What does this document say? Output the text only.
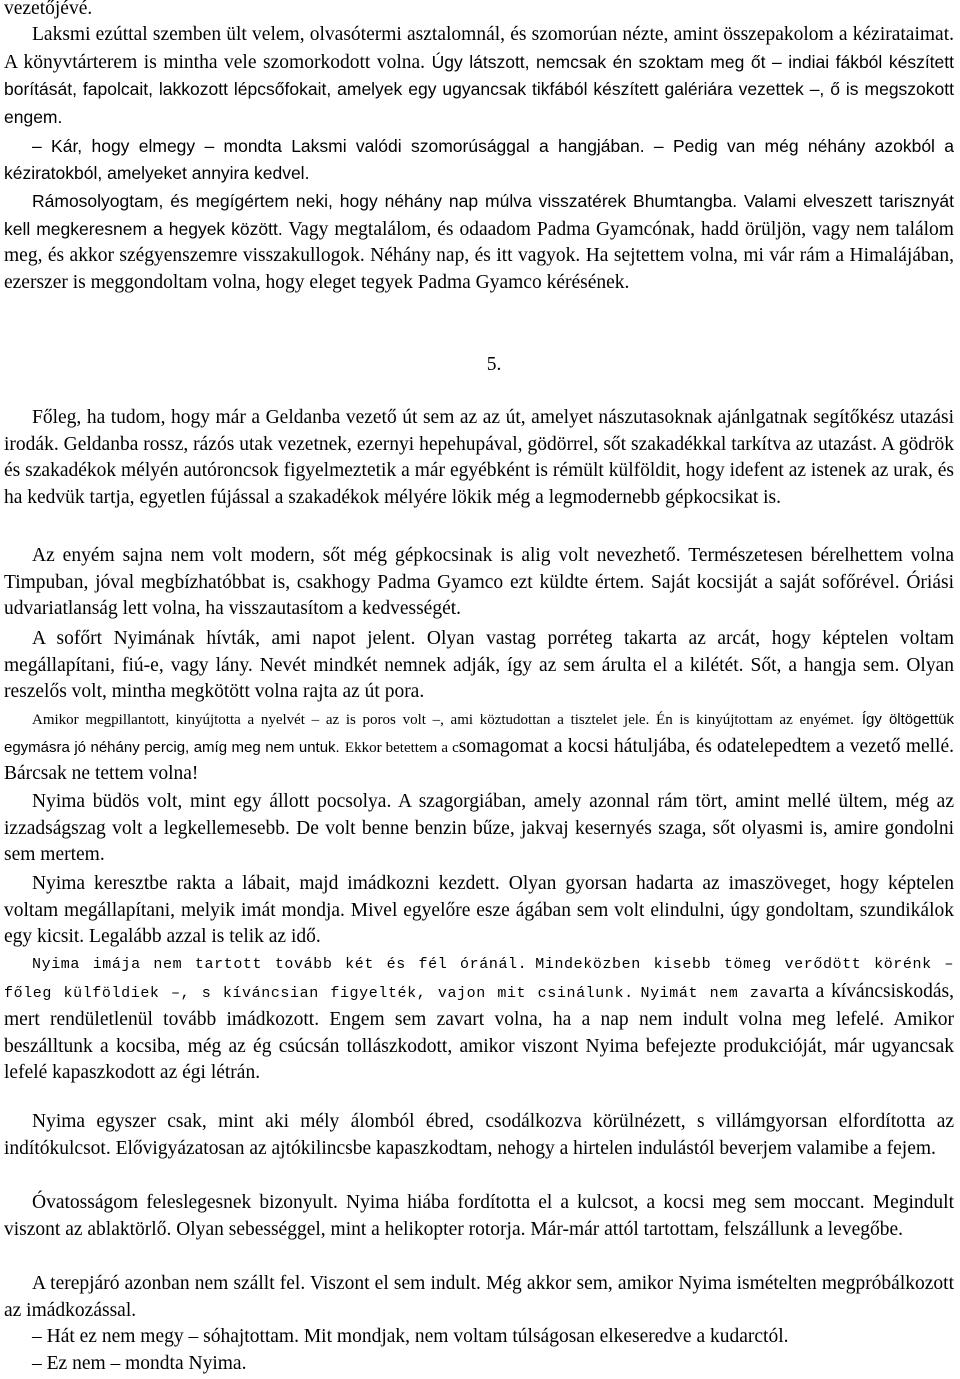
vezetőjévé.

Laksmi ezúttal szemben ült velem, olvasótermi asztalomnál, és szomorúan nézte, amint összepakolom a kézirataimat. A könyvtárterem is mintha vele szomorkodott volna. Úgy látszott, nemcsak én szoktam meg őt – indiai fákból készített borítását, fapolcait, lakkozott lépcsőfokait, amelyek egy ugyancsak tikfából készített galériára vezettek –, ő is megszokott engem.

– Kár, hogy elmegy – mondta Laksmi valódi szomorúsággal a hangjában. – Pedig van még néhány azokból a kéziratokból, amelyeket annyira kedvel.

Rámosolyogtam, és megígértem neki, hogy néhány nap múlva visszatérek Bhumtangba. Valami elveszett tarisznyát kell megkeresnem a hegyek között. Vagy megtalálom, és odaadom Padma Gyamcónak, hadd örüljön, vagy nem találom meg, és akkor szégyenszemre visszakullogok. Néhány nap, és itt vagyok. Ha sejtettem volna, mi vár rám a Himalájában, ezerszer is meggondoltam volna, hogy eleget tegyek Padma Gyamco kérésének.

5.

Főleg, ha tudom, hogy már a Geldanba vezető út sem az az út, amelyet nászutasoknak ajánlgatnak segítőkész utazási irodák. Geldanba rossz, rázós utak vezetnek, ezernyi hepehupával, gödörrel, sőt szakadékkal tarkítva az utazást. A gödrök és szakadékok mélyén autóroncsok figyelmeztetik a már egyébként is rémült külföldit, hogy idefent az istenek az urak, és ha kedvük tartja, egyetlen fújással a szakadékok mélyére lökik még a legmodernebb gépkocsikat is.

Az enyém sajna nem volt modern, sőt még gépkocsinak is alig volt nevezhető. Természetesen bérelhettem volna Timpuban, jóval megbízhatóbbat is, csakhogy Padma Gyamco ezt küldte értem. Saját kocsiját a saját sofőrével. Óriási udvariatlanság lett volna, ha visszautasítom a kedvességét.

A sofőrt Nyimának hívták, ami napot jelent. Olyan vastag porréteg takarta az arcát, hogy képtelen voltam megállapítani, fiú-e, vagy lány. Nevét mindkét nemnek adják, így az sem árulta el a kilétét. Sőt, a hangja sem. Olyan reszelős volt, mintha megkötött volna rajta az út pora.

Amikor megpillantott, kinyújtotta a nyelvét – az is poros volt –, ami köztudottan a tisztelet jele. Én is kinyújtottam az enyémet. Így öltögettük egymásra jó néhány percig, amíg meg nem untuk. Ekkor betettem a csomagomat a kocsi hátuljába, és odatelepedtem a vezető mellé. Bárcsak ne tettem volna!

Nyima büdös volt, mint egy állott pocsolya. A szagorgiában, amely azonnal rám tört, amint mellé ültem, még az izzadságszag volt a legkellemesebb. De volt benne benzin bűze, jakvaj kesernyés szaga, sőt olyasmi is, amire gondolni sem mertem.

Nyima keresztbe rakta a lábait, majd imádkozni kezdett. Olyan gyorsan hadarta az imaszöveget, hogy képtelen voltam megállapítani, melyik imát mondja. Mivel egyelőre esze ágában sem volt elindulni, úgy gondoltam, szundikálok egy kicsit. Legalább azzal is telik az idő.

Nyima imája nem tartott tovább két és fél óránál. Mindeközben kisebb tömeg verődött körénk – főleg külföldiek –, s kíváncsian figyelték, vajon mit csinálunk. Nyimát nem zavarta a kíváncsiskodás, mert rendületlenül tovább imádkozott. Engem sem zavart volna, ha a nap nem indult volna meg lefelé. Amikor beszálltunk a kocsiba, még az ég csúcsán tollászkodott, amikor viszont Nyima befejezte produkcióját, már ugyancsak lefelé kapaszkodott az égi létrán.

Nyima egyszer csak, mint aki mély álomból ébred, csodálkozva körülnézett, s villámgyorsan elfordította az indítókulcsot. Elővigyázatosan az ajtókilincsbe kapaszkodtam, nehogy a hirtelen indulástól beverjem valamibe a fejem.

Óvatosságom feleslegesnek bizonyult. Nyima hiába fordította el a kulcsot, a kocsi meg sem moccant. Megindult viszont az ablaktörlő. Olyan sebességgel, mint a helikopter rotorja. Már-már attól tartottam, felszállunk a levegőbe.

A terepjáró azonban nem szállt fel. Viszont el sem indult. Még akkor sem, amikor Nyima ismételten megpróbálkozott az imádkozással.

– Hát ez nem megy – sóhajtottam. Mit mondjak, nem voltam túlságosan elkeseredve a kudarctól.

– Ez nem – mondta Nyima.
